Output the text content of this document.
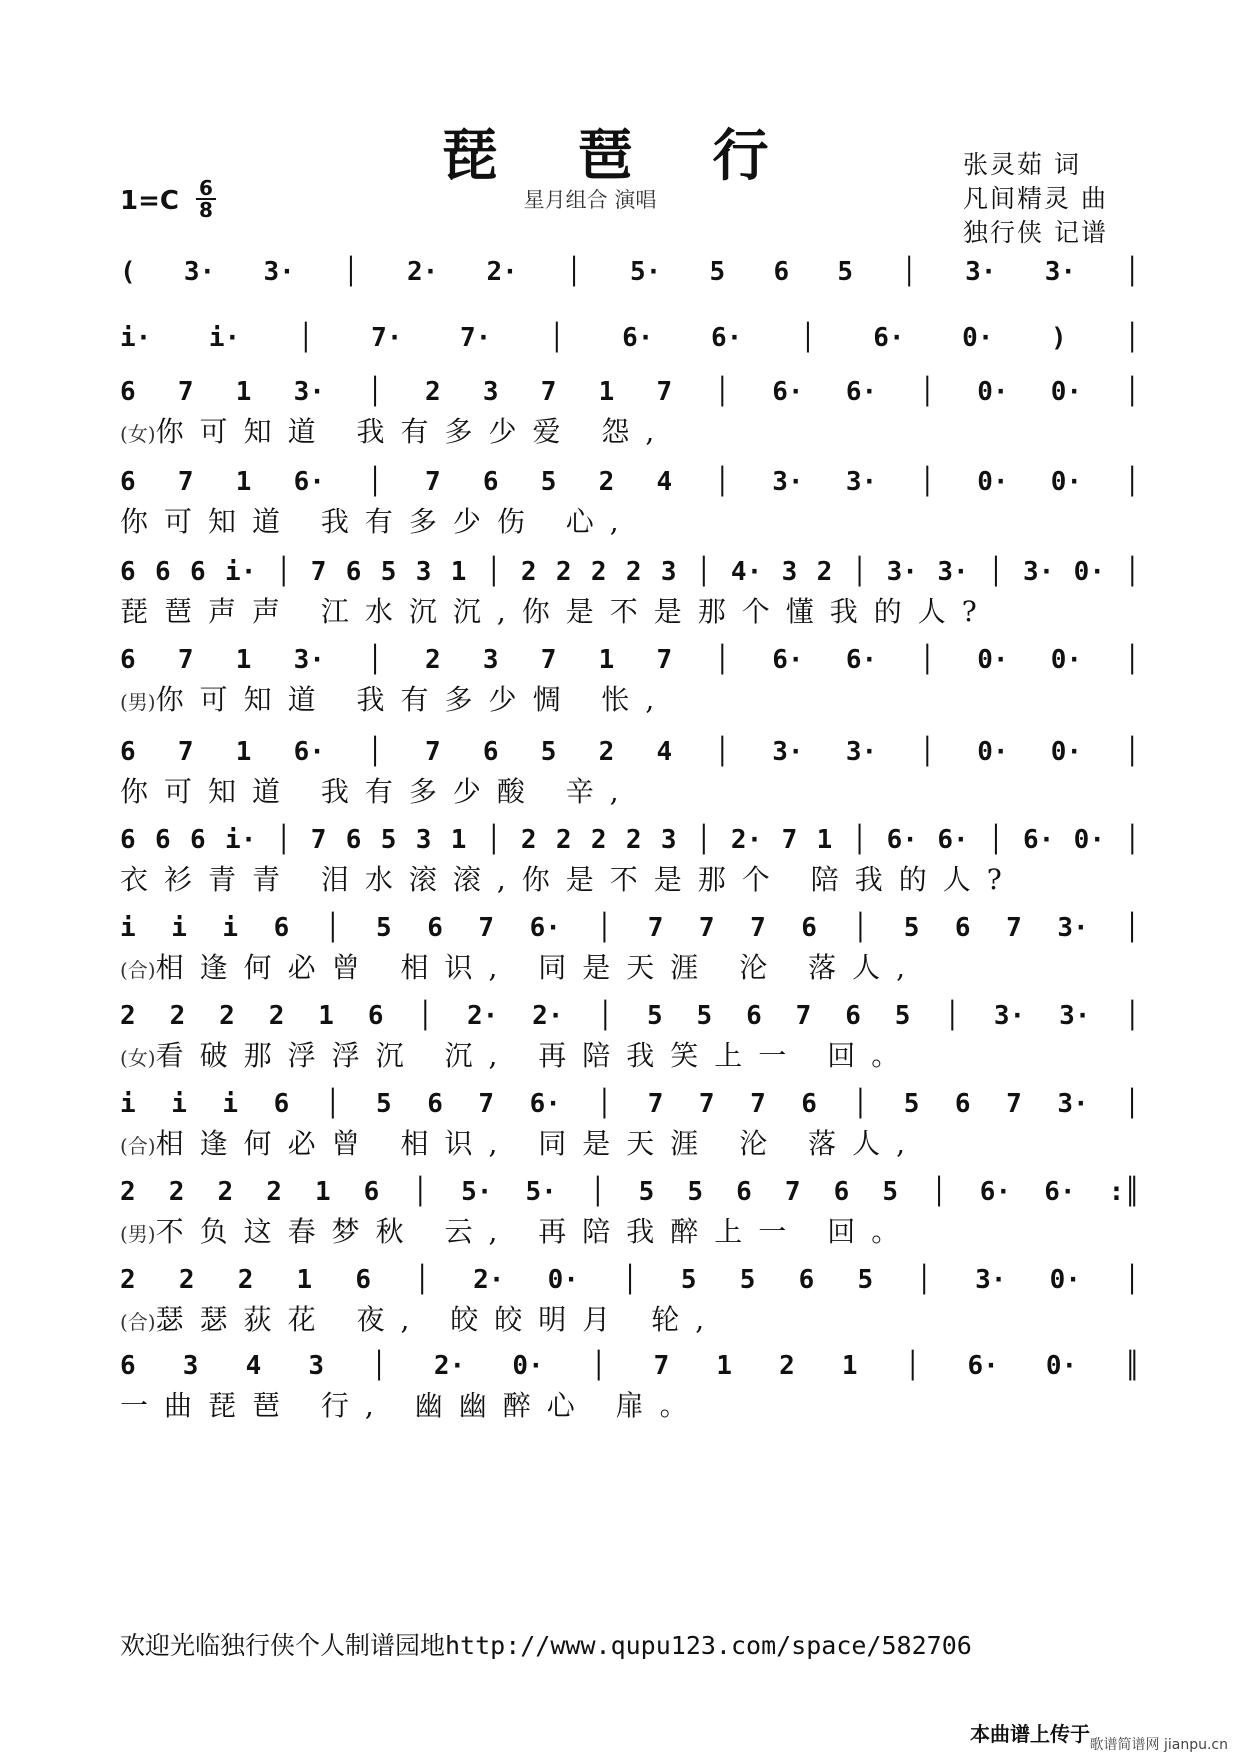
琵 琶 行
星月组合 演唱
张灵茹 词
凡间精灵 曲
独行侠 记谱
1=C 6
8
( 3· 3· │ 2· 2· │ 5· 5 6 5 │ 3· 3· │
i· i· │ 7· 7· │ 6· 6· │ 6· 0· ) │
6 7 1 3· │ 2 3 7 1 7 │ 6· 6· │ 0· 0· │
(女)你可知道 我有多少爱 怨,
6 7 1 6· │ 7 6 5 2 4 │ 3· 3· │ 0· 0· │
你可知道 我有多少伤 心,
6 6 6 i· │ 7 6 5 3 1 │ 2 2 2 2 3 │ 4· 3 2 │ 3· 3· │ 3· 0· │
琵琶声声 江水沉沉,你是不是那个懂我的人?
6 7 1 3· │ 2 3 7 1 7 │ 6· 6· │ 0· 0· │
(男)你可知道 我有多少惆 怅,
6 7 1 6· │ 7 6 5 2 4 │ 3· 3· │ 0· 0· │
你可知道 我有多少酸 辛,
6 6 6 i· │ 7 6 5 3 1 │ 2 2 2 2 3 │ 2· 7 1 │ 6· 6· │ 6· 0· │
衣衫青青 泪水滚滚,你是不是那个 陪我的人?
i i i 6 │ 5 6 7 6· │ 7 7 7 6 │ 5 6 7 3· │
(合)相逢何必曾 相识, 同是天涯 沦 落人,
2 2 2 2 1 6 │ 2· 2· │ 5 5 6 7 6 5 │ 3· 3· │
(女)看破那浮浮沉 沉, 再陪我笑上一 回。
i i i 6 │ 5 6 7 6· │ 7 7 7 6 │ 5 6 7 3· │
(合)相逢何必曾 相识, 同是天涯 沦 落人,
2 2 2 2 1 6 │ 5· 5· │ 5 5 6 7 6 5 │ 6· 6· :║
(男)不负这春梦秋 云, 再陪我醉上一 回。
2 2 2 1 6 │ 2· 0· │ 5 5 6 5 │ 3· 0· │
(合)瑟瑟荻花 夜, 皎皎明月 轮,
6 3 4 3 │ 2· 0· │ 7 1 2 1 │ 6· 0· ║
一曲琵琶 行, 幽幽醉心 扉。
欢迎光临独行侠个人制谱园地http://www.qupu123.com/space/582706
本曲谱上传于 歌谱简谱网 jianpu.cn
